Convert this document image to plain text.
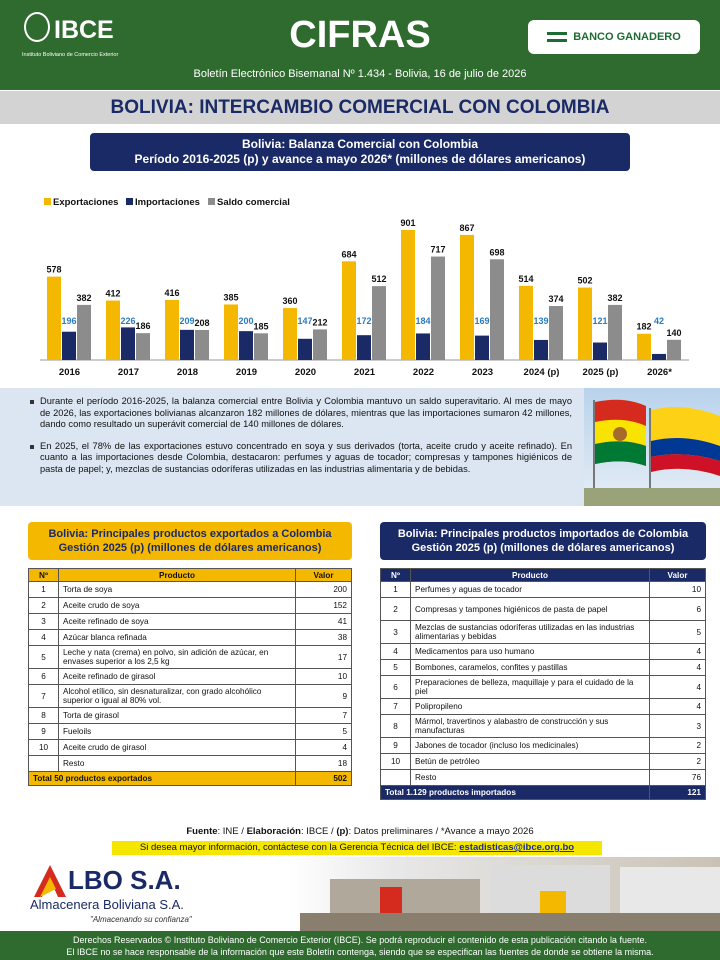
IBCE
Instituto Boliviano de Comercio Exterior	CIFRAS	BANCO GANADERO
Boletín Electrónico Bisemanal Nº 1.434 - Bolivia, 16 de julio de 2026
BOLIVIA: INTERCAMBIO COMERCIAL CON COLOMBIA
Bolivia: Balanza Comercial con Colombia
Período 2016-2025 (p) y avance a mayo 2026* (millones de dólares americanos)
Exportaciones Importaciones Saldo comercial
578
196
382
2016
412
226
186
2017
416
209 208
2018
385
200
185
2019
360
147 212
2020
684
172
512
2021
901
184
717
2022
867
169
698
2023
514
139
374
2024 (p)
502
121
382
2025 (p)
182
42
140
2026*
Durante el período 2016-2025, la balanza comercial entre Bolivia y Colombia mantuvo un saldo superavitario. Al mes de mayo de 2026, las exportaciones bolivianas alcanzaron 182 millones de dólares, mientras que las importaciones sumaron 42 millones, dando como resultado un superávit comercial de 140 millones de dólares.
En 2025, el 78% de las exportaciones estuvo concentrado en soya y sus derivados (torta, aceite crudo y aceite refinado). En cuanto a las importaciones desde Colombia, destacaron: perfumes y aguas de tocador; compresas y tampones higiénicos de pasta de papel; y, mezclas de sustancias odoríferas utilizadas en las industrias alimentaria y de bebidas.
Bolivia: Principales productos exportados a Colombia
Gestión 2025 (p) (millones de dólares americanos)
Nº	Producto	Valor
1	Torta de soya	200
2	Aceite crudo de soya	152
3	Aceite refinado de soya	41
4	Azúcar blanca refinada	38
5	Leche y nata (crema) en polvo, sin adición de azúcar, en envases superior a los 2,5 kg	17
6	Aceite refinado de girasol	10
7	Alcohol etílico, sin desnaturalizar, con grado alcohólico superior o igual al 80% vol.	9
8	Torta de girasol	7
9	Fueloils	5
10	Aceite crudo de girasol	4
	Resto	18
Total 50 productos exportados		502
Bolivia: Principales productos importados de Colombia
Gestión 2025 (p) (millones de dólares americanos)
Nº	Producto	Valor
1	Perfumes y aguas de tocador	10
2	Compresas y tampones higiénicos de pasta de papel	6
3	Mezclas de sustancias odoríferas utilizadas en las industrias alimentarias y bebidas	5
4	Medicamentos para uso humano	4
5	Bombones, caramelos, confites y pastillas	4
6	Preparaciones de belleza, maquillaje y para el cuidado de la piel	4
7	Polipropileno	4
8	Mármol, travertinos y alabastro de construcción y sus manufacturas	3
9	Jabones de tocador (incluso los medicinales)	2
10	Betún de petróleo	2
	Resto	76
Total 1.129 productos importados		121
Fuente: INE / Elaboración: IBCE / (p): Datos preliminares / *Avance a mayo 2026
Si desea mayor información, contáctese con la Gerencia Técnica del IBCE: estadisticas@ibce.org.bo
LBO S.A.
Almacenera Boliviana S.A.
"Almacenando su confianza"
Derechos Reservados © Instituto Boliviano de Comercio Exterior (IBCE). Se podrá reproducir el contenido de esta publicación citando la fuente.
El IBCE no se hace responsable de la información que este Boletín contenga, siendo que se especifican las fuentes de donde se obtiene la misma.
